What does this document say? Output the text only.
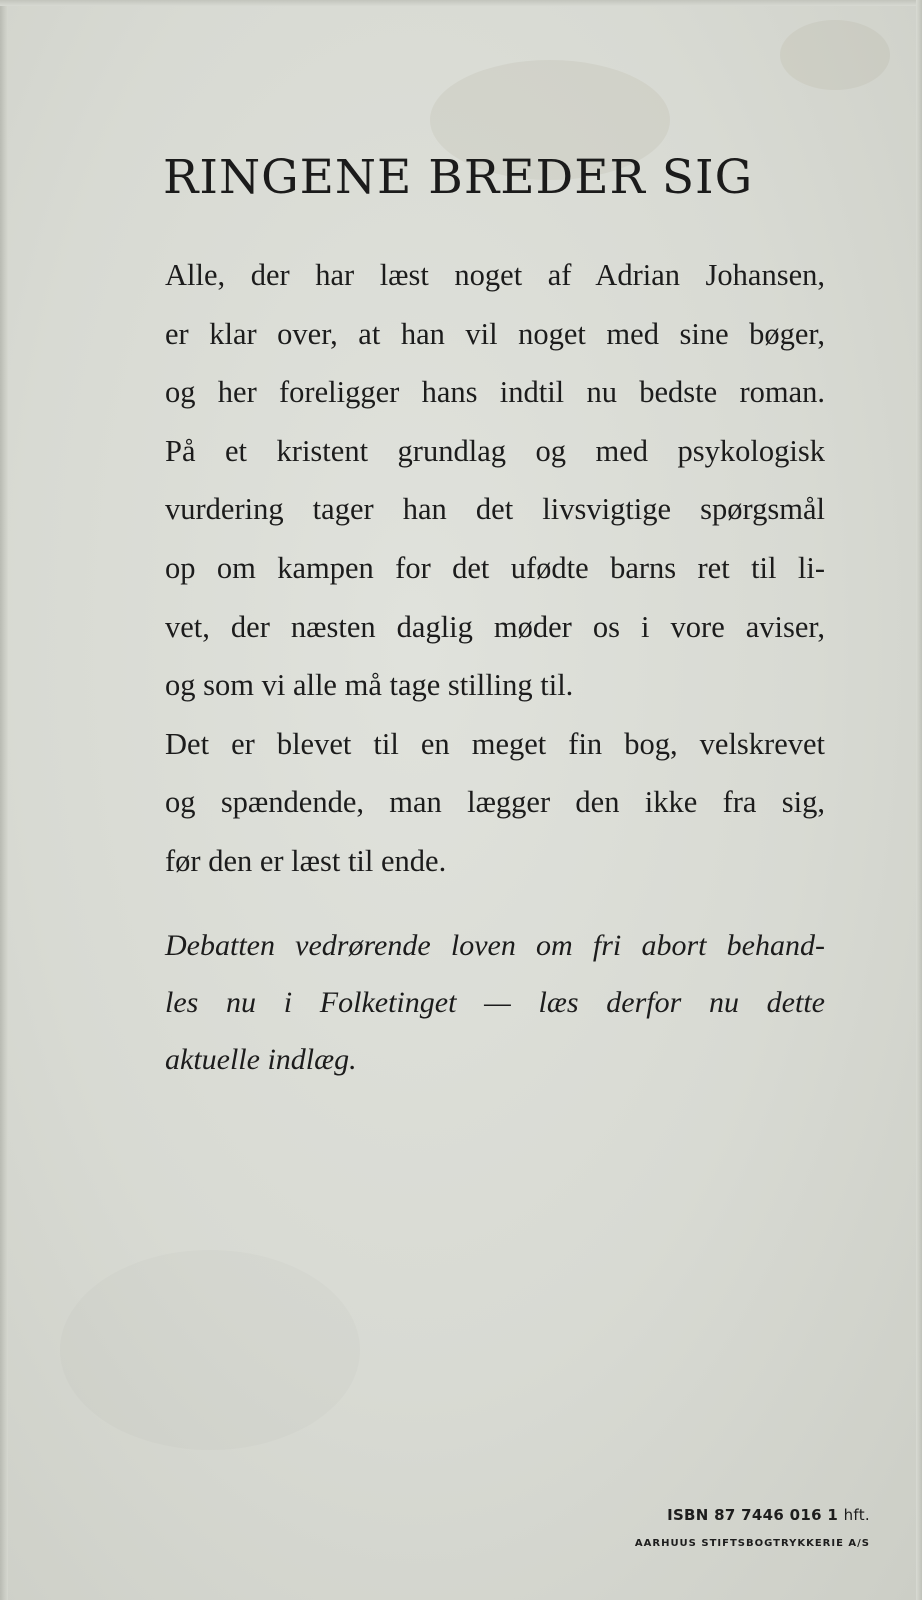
RINGENE BREDER SIG
Alle, der har læst noget af Adrian Johansen,
er klar over, at han vil noget med sine bøger,
og her foreligger hans indtil nu bedste roman.
På et kristent grundlag og med psykologisk
vurdering tager han det livsvigtige spørgsmål
op om kampen for det ufødte barns ret til li-
vet, der næsten daglig møder os i vore aviser,
og som vi alle må tage stilling til.
Det er blevet til en meget fin bog, velskrevet
og spændende, man lægger den ikke fra sig,
før den er læst til ende.
Debatten vedrørende loven om fri abort behand-
les nu i Folketinget — læs derfor nu dette
aktuelle indlæg.
ISBN 87 7446 016 1 hft.
AARHUUS STIFTSBOGTRYKKERIE A/S
